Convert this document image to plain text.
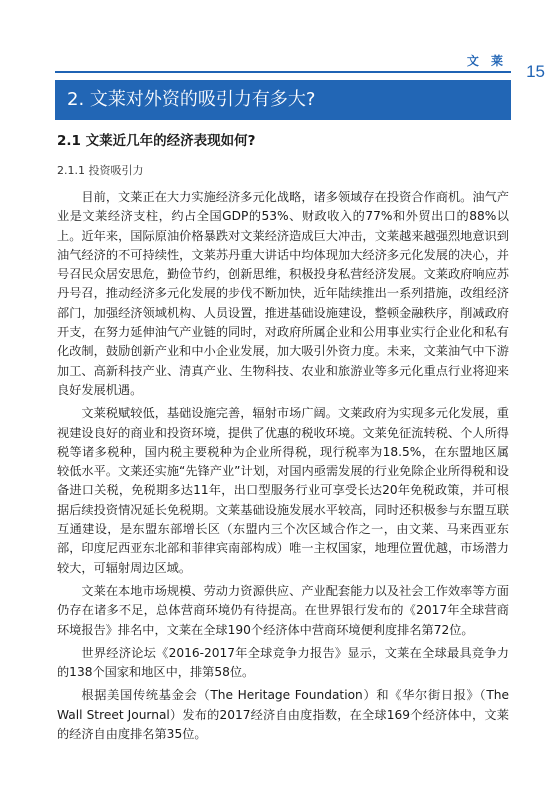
文 莱
15
2. 文莱对外资的吸引力有多大?
2.1 文莱近几年的经济表现如何?
2.1.1 投资吸引力

目前，文莱正在大力实施经济多元化战略，诸多领域存在投资合作商机。油气产业是文莱经济支柱，约占全国GDP的53%、财政收入的77%和外贸出口的88%以上。近年来，国际原油价格暴跌对文莱经济造成巨大冲击，文莱越来越强烈地意识到油气经济的不可持续性，文莱苏丹重大讲话中均体现加大经济多元化发展的决心，并号召民众居安思危，勤俭节约，创新思维，积极投身私营经济发展。文莱政府响应苏丹号召，推动经济多元化发展的步伐不断加快，近年陆续推出一系列措施，改组经济部门，加强经济领域机构、人员设置，推进基础设施建设，整顿金融秩序，削减政府开支，在努力延伸油气产业链的同时，对政府所属企业和公用事业实行企业化和私有化改制，鼓励创新产业和中小企业发展，加大吸引外资力度。未来，文莱油气中下游加工、高新科技产业、清真产业、生物科技、农业和旅游业等多元化重点行业将迎来良好发展机遇。

文莱税赋较低，基础设施完善，辐射市场广阔。文莱政府为实现多元化发展，重视建设良好的商业和投资环境，提供了优惠的税收环境。文莱免征流转税、个人所得税等诸多税种，国内税主要税种为企业所得税，现行税率为18.5%，在东盟地区属较低水平。文莱还实施“先锋产业”计划，对国内亟需发展的行业免除企业所得税和设备进口关税，免税期多达11年，出口型服务行业可享受长达20年免税政策，并可根据后续投资情况延长免税期。文莱基础设施发展水平较高，同时还积极参与东盟互联互通建设，是东盟东部增长区（东盟内三个次区域合作之一，由文莱、马来西亚东部，印度尼西亚东北部和菲律宾南部构成）唯一主权国家，地理位置优越，市场潜力较大，可辐射周边区域。

文莱在本地市场规模、劳动力资源供应、产业配套能力以及社会工作效率等方面仍存在诸多不足，总体营商环境仍有待提高。在世界银行发布的《2017年全球营商环境报告》排名中，文莱在全球190个经济体中营商环境便利度排名第72位。

世界经济论坛《2016-2017年全球竞争力报告》显示，文莱在全球最具竞争力的138个国家和地区中，排第58位。

根据美国传统基金会（The Heritage Foundation）和《华尔街日报》（The Wall Street Journal）发布的2017经济自由度指数，在全球169个经济体中，文莱的经济自由度排名第35位。
